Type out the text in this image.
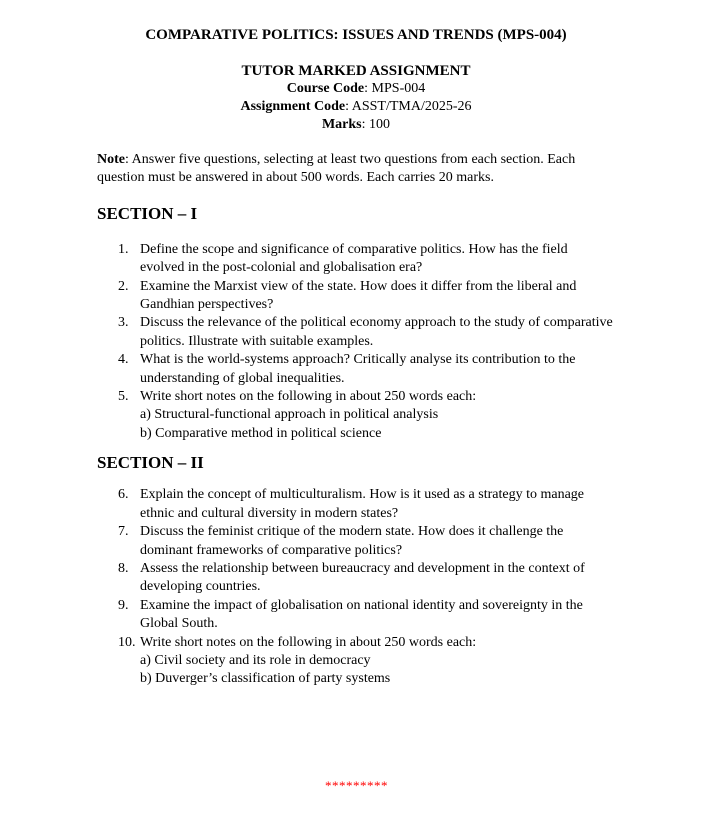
COMPARATIVE POLITICS: ISSUES AND TRENDS (MPS-004)
TUTOR MARKED ASSIGNMENT
Course Code: MPS-004
Assignment Code: ASST/TMA/2025-26
Marks: 100
Note: Answer five questions, selecting at least two questions from each section. Each question must be answered in about 500 words. Each carries 20 marks.
SECTION – I
1. Define the scope and significance of comparative politics. How has the field evolved in the post-colonial and globalisation era?
2. Examine the Marxist view of the state. How does it differ from the liberal and Gandhian perspectives?
3. Discuss the relevance of the political economy approach to the study of comparative politics. Illustrate with suitable examples.
4. What is the world-systems approach? Critically analyse its contribution to the understanding of global inequalities.
5. Write short notes on the following in about 250 words each:
a) Structural-functional approach in political analysis
b) Comparative method in political science
SECTION – II
6. Explain the concept of multiculturalism. How is it used as a strategy to manage ethnic and cultural diversity in modern states?
7. Discuss the feminist critique of the modern state. How does it challenge the dominant frameworks of comparative politics?
8. Assess the relationship between bureaucracy and development in the context of developing countries.
9. Examine the impact of globalisation on national identity and sovereignty in the Global South.
10. Write short notes on the following in about 250 words each:
a) Civil society and its role in democracy
b) Duverger’s classification of party systems
*********
